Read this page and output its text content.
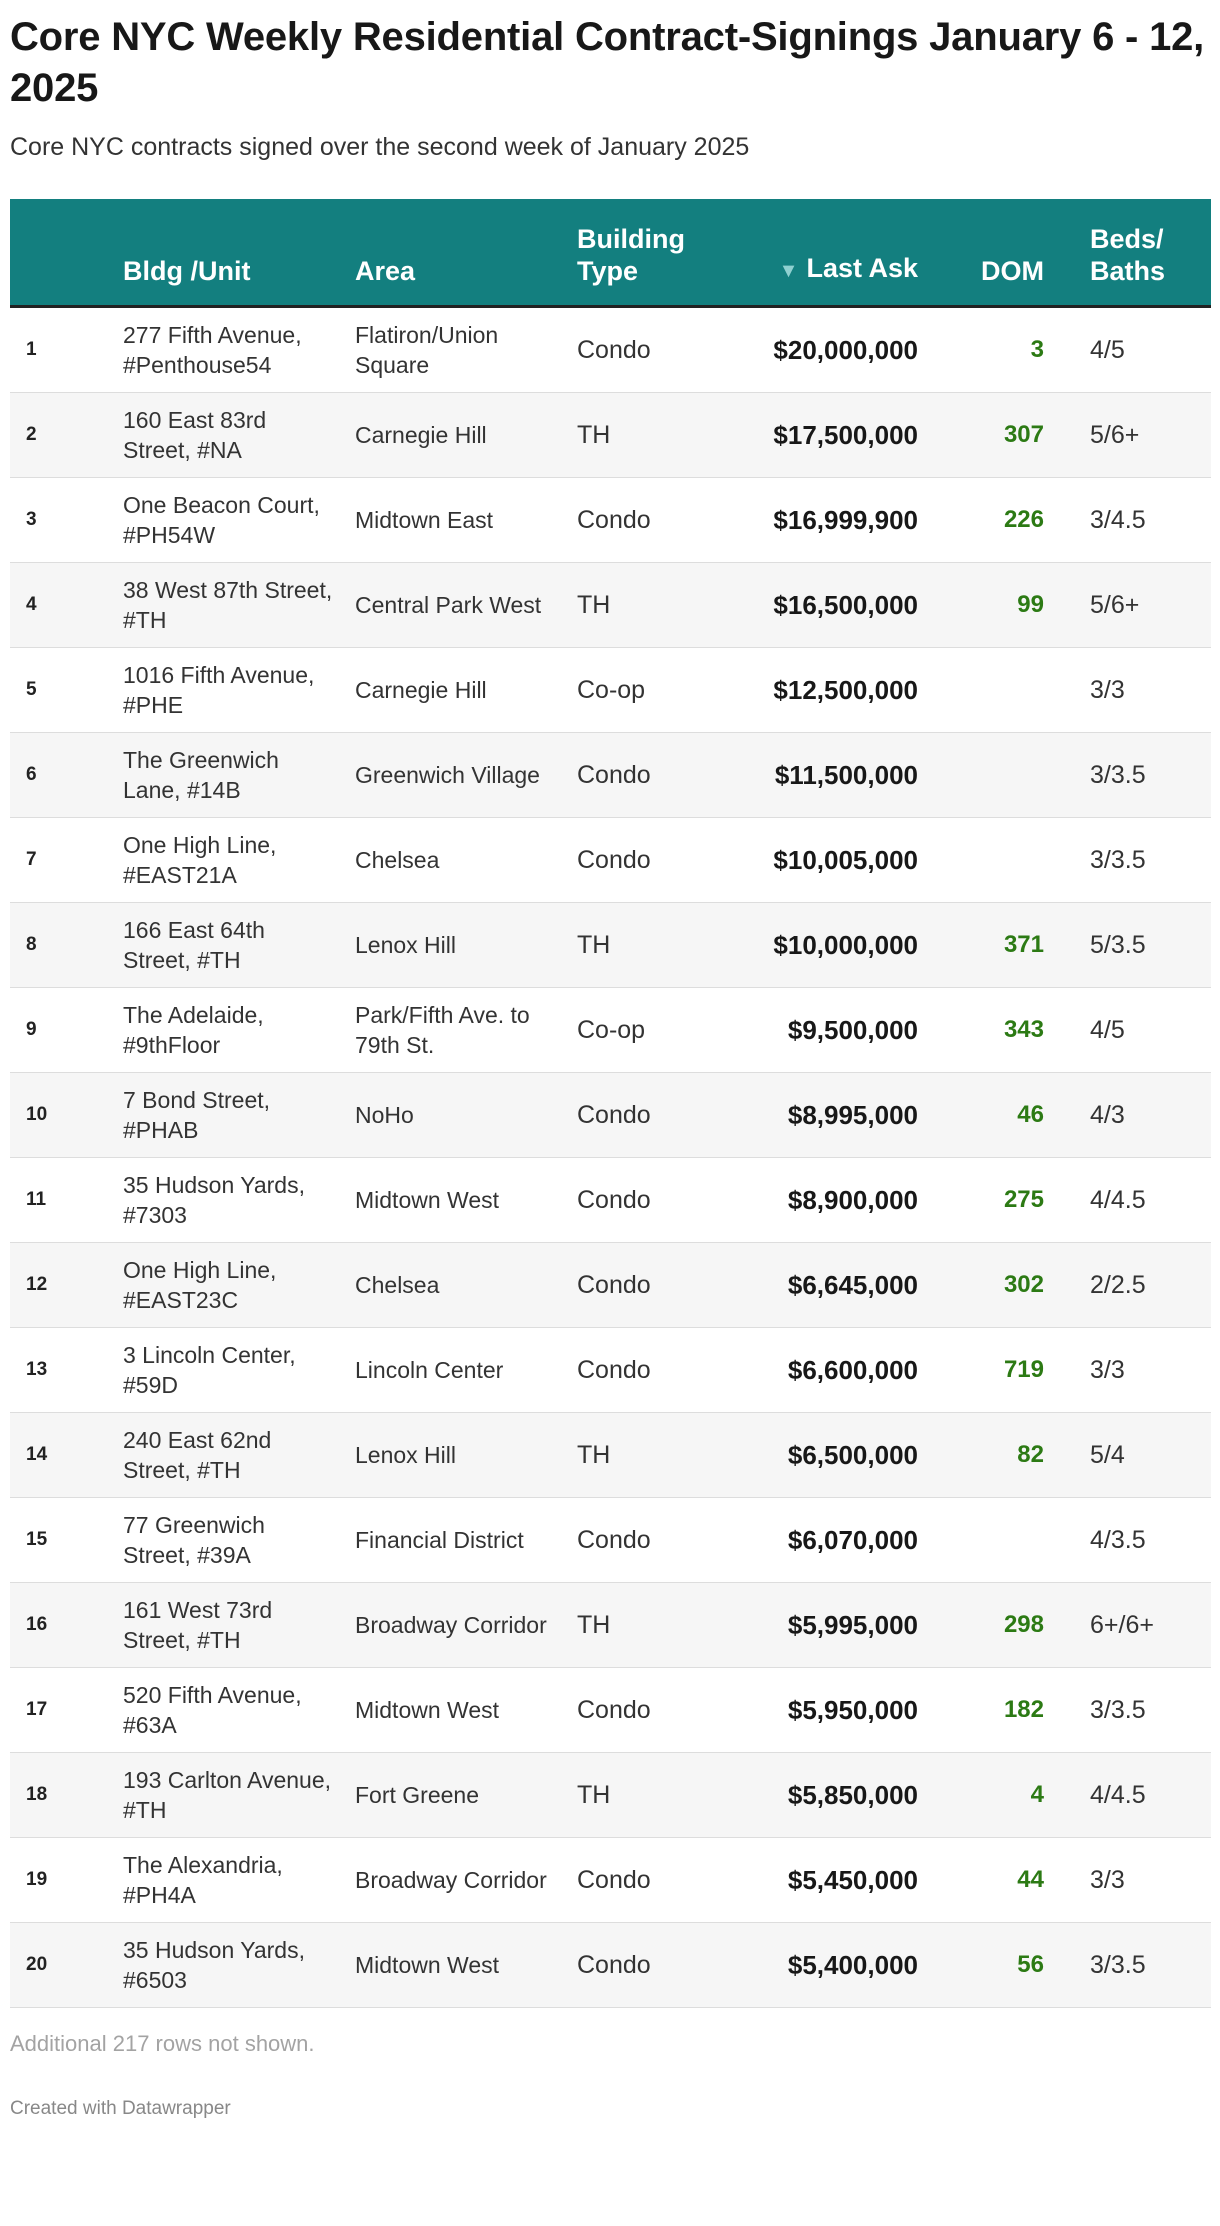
Core NYC Weekly Residential Contract-Signings January 6 - 12, 2025

Core NYC contracts signed over the second week of January 2025

	Bldg /Unit	Area	Building Type	▼ Last Ask	DOM	Beds/ Baths
1	277 Fifth Avenue, #Penthouse54	Flatiron/Union Square	Condo	$20,000,000	3	4/5
2	160 East 83rd Street, #NA	Carnegie Hill	TH	$17,500,000	307	5/6+
3	One Beacon Court, #PH54W	Midtown East	Condo	$16,999,900	226	3/4.5
4	38 West 87th Street, #TH	Central Park West	TH	$16,500,000	99	5/6+
5	1016 Fifth Avenue, #PHE	Carnegie Hill	Co-op	$12,500,000		3/3
6	The Greenwich Lane, #14B	Greenwich Village	Condo	$11,500,000		3/3.5
7	One High Line, #EAST21A	Chelsea	Condo	$10,005,000		3/3.5
8	166 East 64th Street, #TH	Lenox Hill	TH	$10,000,000	371	5/3.5
9	The Adelaide, #9thFloor	Park/Fifth Ave. to 79th St.	Co-op	$9,500,000	343	4/5
10	7 Bond Street, #PHAB	NoHo	Condo	$8,995,000	46	4/3
11	35 Hudson Yards, #7303	Midtown West	Condo	$8,900,000	275	4/4.5
12	One High Line, #EAST23C	Chelsea	Condo	$6,645,000	302	2/2.5
13	3 Lincoln Center, #59D	Lincoln Center	Condo	$6,600,000	719	3/3
14	240 East 62nd Street, #TH	Lenox Hill	TH	$6,500,000	82	5/4
15	77 Greenwich Street, #39A	Financial District	Condo	$6,070,000		4/3.5
16	161 West 73rd Street, #TH	Broadway Corridor	TH	$5,995,000	298	6+/6+
17	520 Fifth Avenue, #63A	Midtown West	Condo	$5,950,000	182	3/3.5
18	193 Carlton Avenue, #TH	Fort Greene	TH	$5,850,000	4	4/4.5
19	The Alexandria, #PH4A	Broadway Corridor	Condo	$5,450,000	44	3/3
20	35 Hudson Yards, #6503	Midtown West	Condo	$5,400,000	56	3/3.5

Additional 217 rows not shown.

Created with Datawrapper
